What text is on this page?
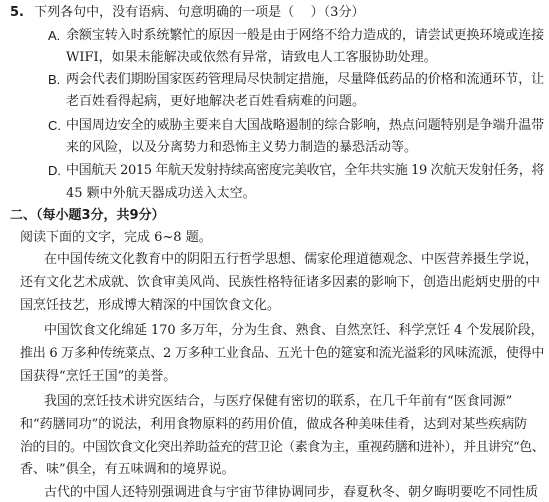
5. 下列各句中，没有语病、句意明确的一项是（    ）（3分）
A. 余额宝转入时系统繁忙的原因一般是由于网络不给力造成的，请尝试更换环境或连接
WIFI，如果未能解决或依然有异常，请致电人工客服协助处理。
B. 两会代表们期盼国家医药管理局尽快制定措施，尽量降低药品的价格和流通环节，让
老百姓看得起病，更好地解决老百姓看病难的问题。
C. 中国周边安全的威胁主要来自大国战略遏制的综合影响，热点问题特别是争端升温带
来的风险，以及分离势力和恐怖主义势力制造的暴恐活动等。
D. 中国航天 2015 年航天发射持续高密度完美收官，全年共实施 19 次航天发射任务，将
45 颗中外航天器成功送入太空。
二、（每小题3分，共9分）
阅读下面的文字，完成 6~8 题。
在中国传统文化教育中的阴阳五行哲学思想、儒家伦理道德观念、中医营养摄生学说，
还有文化艺术成就、饮食审美风尚、民族性格特征诸多因素的影响下，创造出彪炳史册的中
国烹饪技艺，形成博大精深的中国饮食文化。
中国饮食文化绵延 170 多万年，分为生食、熟食、自然烹饪、科学烹饪 4 个发展阶段，
推出 6 万多种传统菜点、2 万多种工业食品、五光十色的筵宴和流光溢彩的风味流派，使得中
国获得“烹饪王国”的美誉。
我国的烹饪技术讲究医结合，与医疗保健有密切的联系，在几千年前有“医食同源”
和“药膳同功”的说法，利用食物原料的药用价值，做成各种美味佳肴，达到对某些疾病防
治的目的。中国饮食文化突出养助益充的营卫论（素食为主，重视药膳和进补），并且讲究“色、
香、味”俱全，有五味调和的境界说。
古代的中国人还特别强调进食与宇宙节律协调同步，春夏秋冬、朝夕晦明要吃不同性质
